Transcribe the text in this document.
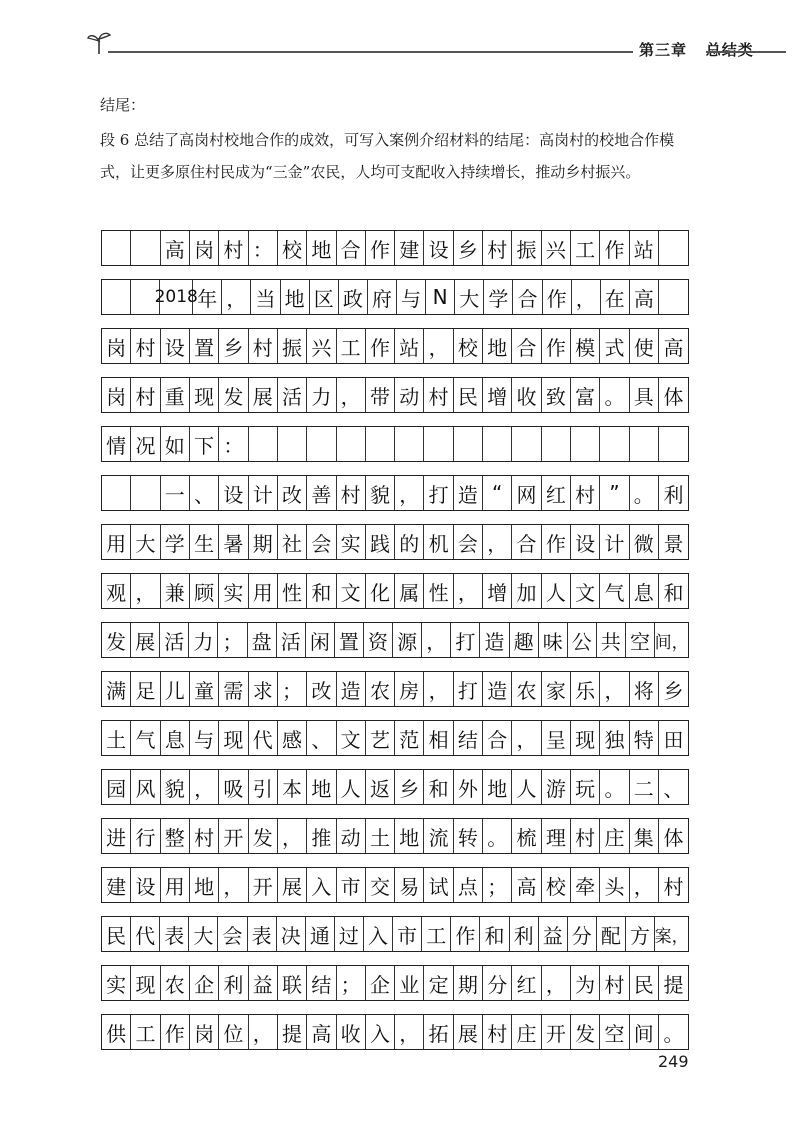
第三章 总结类
结尾：
段 6 总结了高岗村校地合作的成效，可写入案例介绍材料的结尾：高岗村的校地合作模式，让更多原住村民成为“三金”农民，人均可支配收入持续增长，推动乡村振兴。
高 岗 村 ： 校 地 合 作 建 设 乡 村 振 兴 工 作 站
2018 年 ， 当 地 区 政 府 与 N 大 学 合 作 ， 在 高
岗 村 设 置 乡 村 振 兴 工 作 站 ， 校 地 合 作 模 式 使 高
岗 村 重 现 发 展 活 力 ， 带 动 村 民 增 收 致 富 。 具 体
情 况 如 下 ：
一 、 设 计 改 善 村 貌 ， 打 造 “ 网 红 村 ” 。 利
用 大 学 生 暑 期 社 会 实 践 的 机 会 ， 合 作 设 计 微 景
观 ， 兼 顾 实 用 性 和 文 化 属 性 ， 增 加 人 文 气 息 和
发 展 活 力 ； 盘 活 闲 置 资 源 ， 打 造 趣 味 公 共 空 间，
满 足 儿 童 需 求 ； 改 造 农 房 ， 打 造 农 家 乐 ， 将 乡
土 气 息 与 现 代 感 、 文 艺 范 相 结 合 ， 呈 现 独 特 田
园 风 貌 ， 吸 引 本 地 人 返 乡 和 外 地 人 游 玩 。 二 、
进 行 整 村 开 发 ， 推 动 土 地 流 转 。 梳 理 村 庄 集 体
建 设 用 地 ， 开 展 入 市 交 易 试 点 ； 高 校 牵 头 ， 村
民 代 表 大 会 表 决 通 过 入 市 工 作 和 利 益 分 配 方 案，
实 现 农 企 利 益 联 结 ； 企 业 定 期 分 红 ， 为 村 民 提
供 工 作 岗 位 ， 提 高 收 入 ， 拓 展 村 庄 开 发 空 间 。
249
